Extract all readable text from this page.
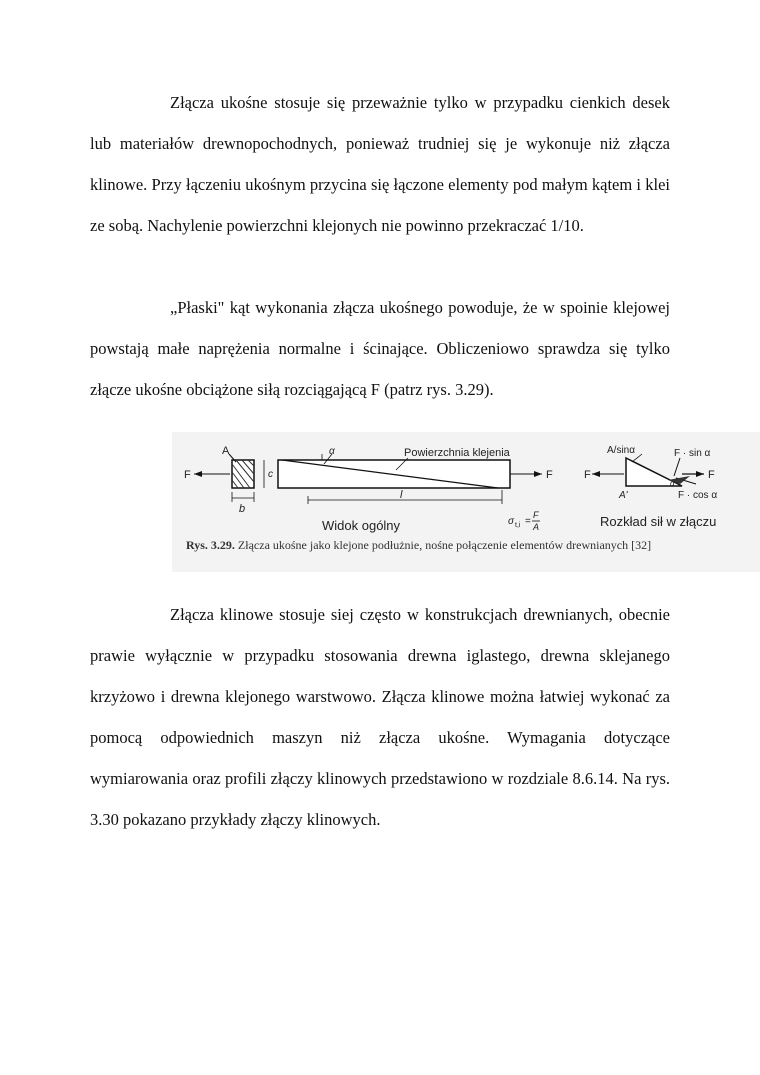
Złącza ukośne stosuje się przeważnie tylko w przypadku cienkich desek lub materiałów drewnopochodnych, ponieważ trudniej się je wykonuje niż złącza klinowe. Przy łączeniu ukośnym przycina się łączone elementy pod małym kątem i klei ze sobą. Nachylenie powierzchni klejonych nie powinno przekraczać 1/10.

„Płaski" kąt wykonania złącza ukośnego powoduje, że w spoinie klejowej powstają małe naprężenia normalne i ścinające. Obliczeniowo sprawdza się tylko złącze ukośne obciążone siłą rozciągającą F (patrz rys. 3.29).

A
F
b
c
α	Powierzchnia klejenia
F
l
Widok ogólny	σ t,i =
F
A
A/sinα	F · sin α
F	F
A'
α
F · cos α
Rozkład sił w złączu
Rys. 3.29. Złącza ukośne jako klejone podłużnie, nośne połączenie elementów drewnianych [32]

Złącza klinowe stosuje siej często w konstrukcjach drewnianych, obecnie prawie wyłącznie w przypadku stosowania drewna iglastego, drewna sklejanego krzyżowo i drewna klejonego warstwowo. Złącza klinowe można łatwiej wykonać za pomocą odpowiednich maszyn niż złącza ukośne. Wymagania dotyczące wymiarowania oraz profili złączy klinowych przedstawiono w rozdziale 8.6.14. Na rys. 3.30 pokazano przykłady złączy klinowych.
